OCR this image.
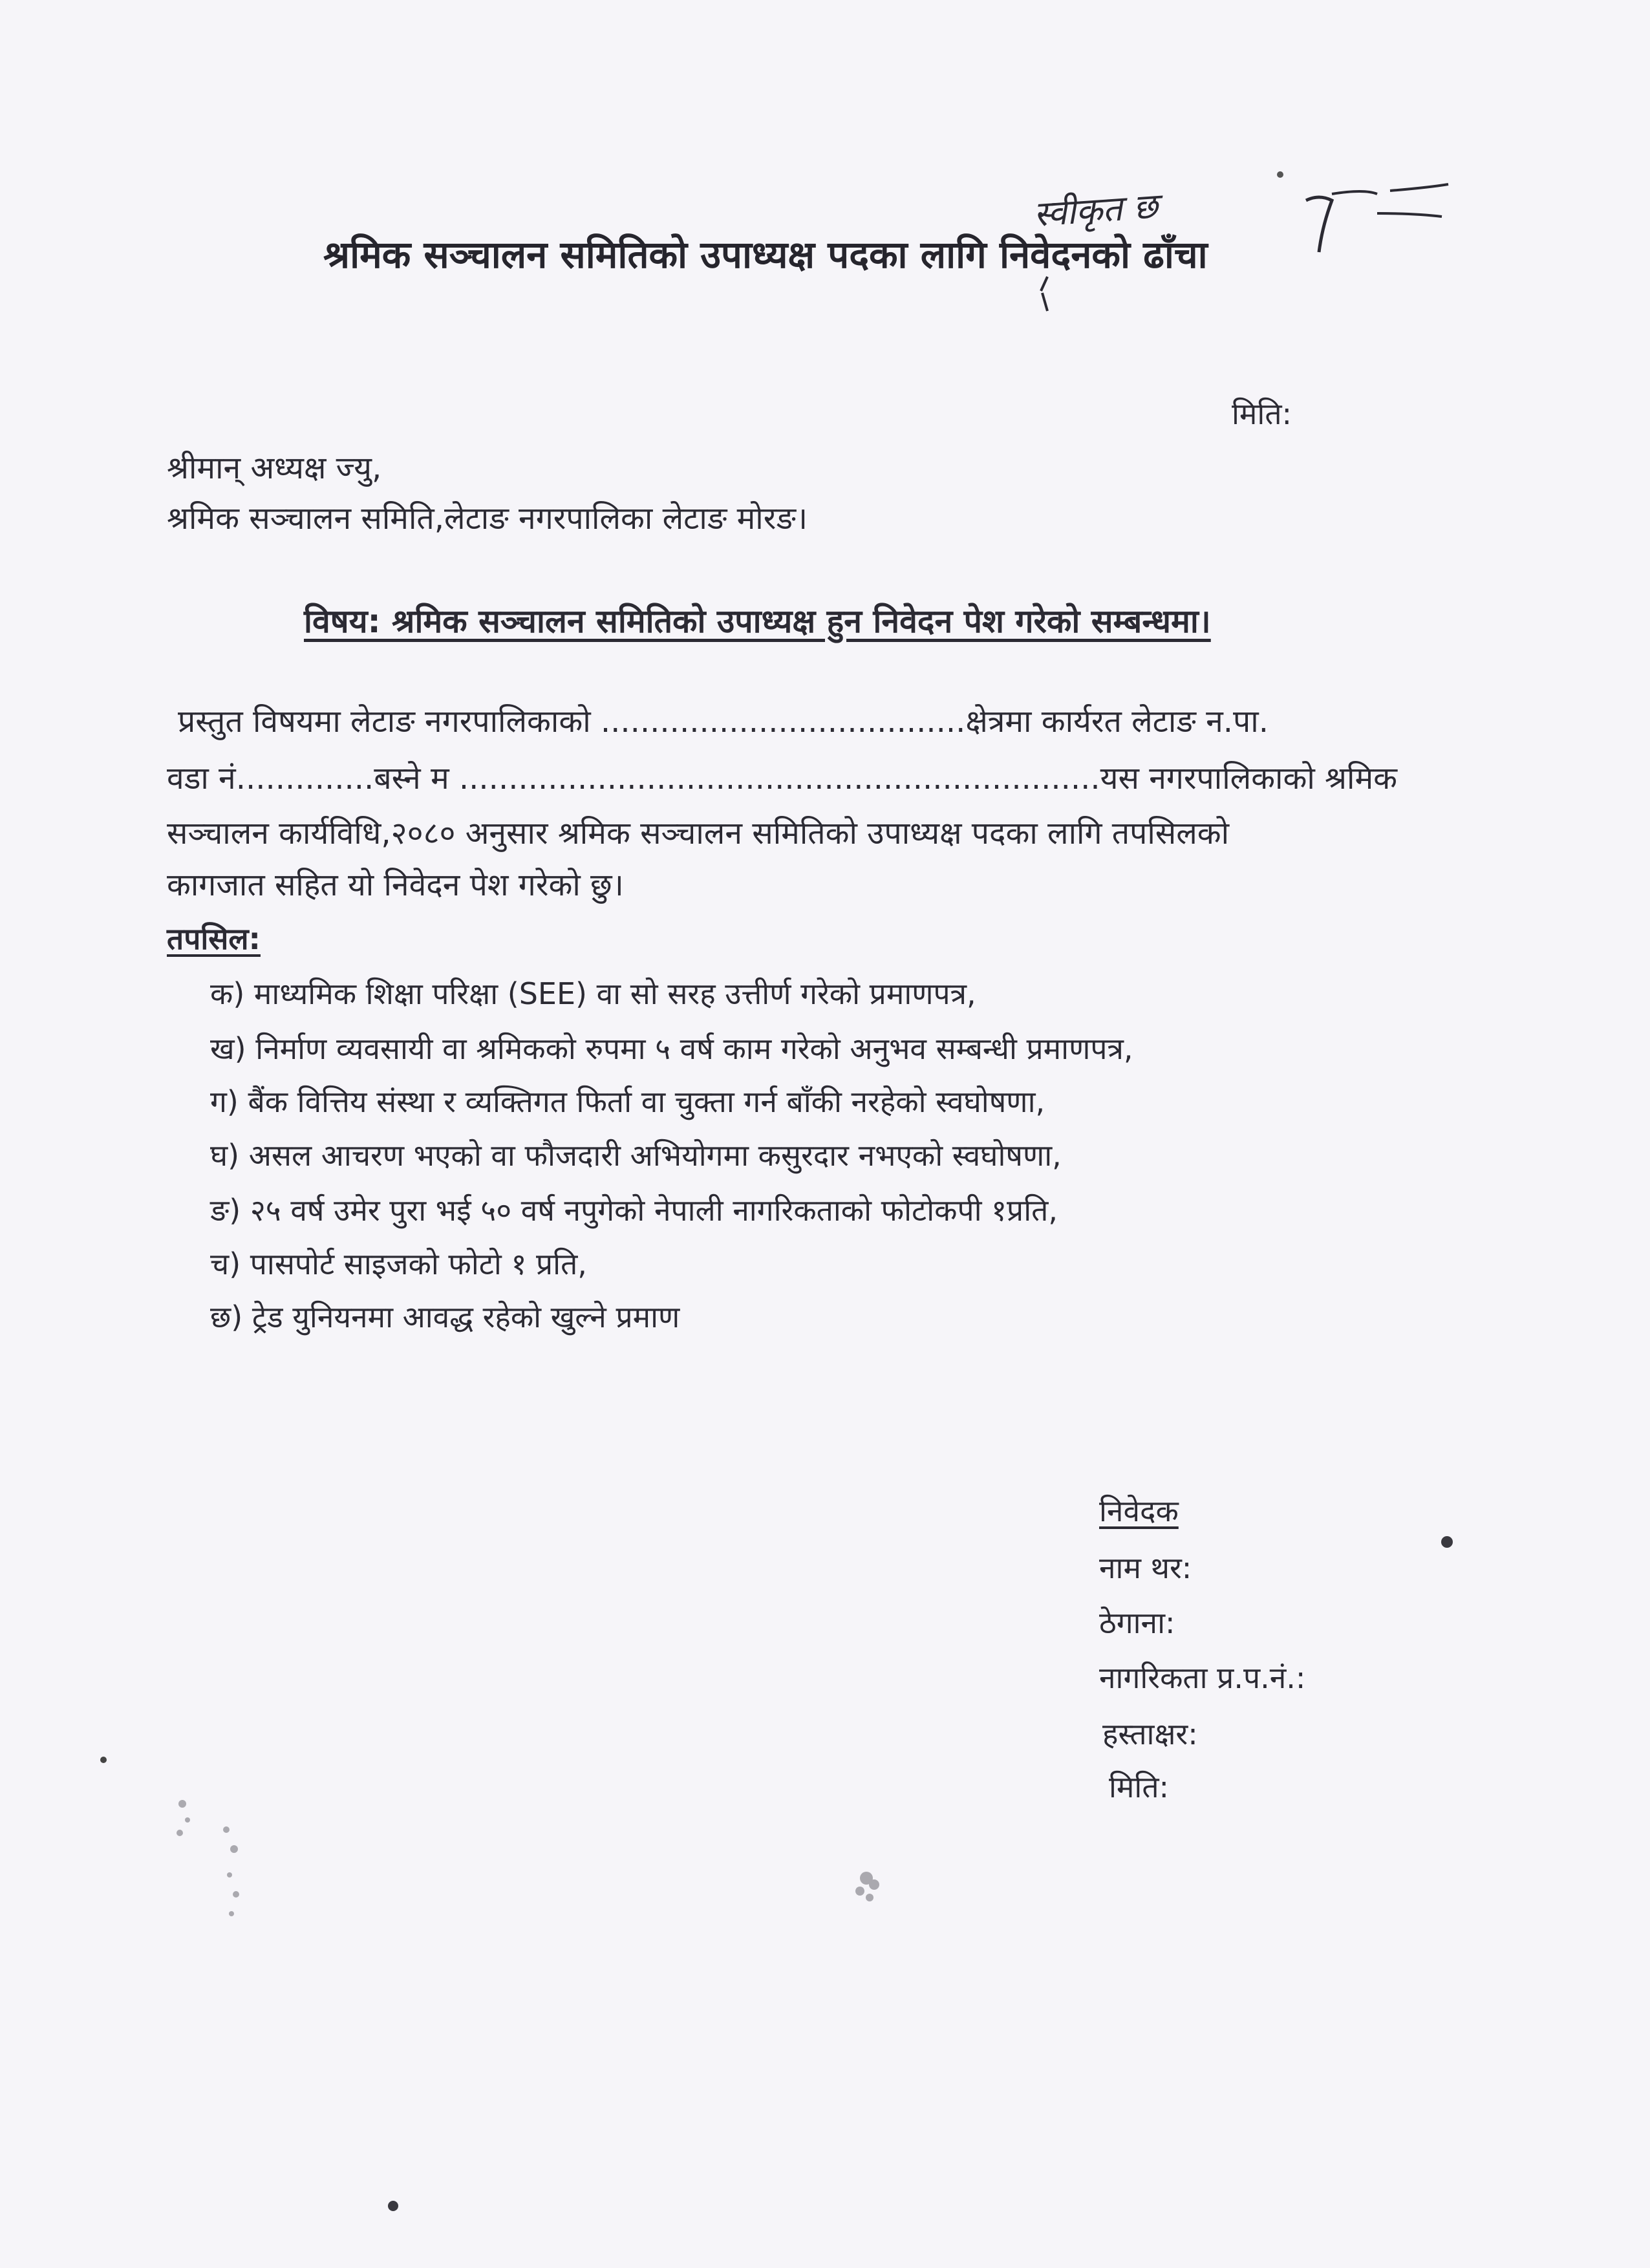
श्रमिक सञ्चालन समितिको उपाध्यक्ष पदका लागि निवेदनको ढाँचा
स्वीकृत छ
मिति:
श्रीमान् अध्यक्ष ज्यु,
श्रमिक सञ्चालन समिति,लेटाङ नगरपालिका लेटाङ मोरङ।
विषय: श्रमिक सञ्चालन समितिको उपाध्यक्ष हुन निवेदन पेश गरेको सम्बन्धमा।
प्रस्तुत विषयमा लेटाङ नगरपालिकाको .....................................क्षेत्रमा कार्यरत लेटाङ न.पा.
वडा नं..............बस्ने म .................................................................यस नगरपालिकाको श्रमिक
सञ्चालन कार्यविधि,२०८० अनुसार श्रमिक सञ्चालन समितिको उपाध्यक्ष पदका लागि तपसिलको
कागजात सहित यो निवेदन पेश गरेको छु।
तपसिल:
क) माध्यमिक शिक्षा परिक्षा (SEE) वा सो सरह उत्तीर्ण गरेको प्रमाणपत्र,
ख) निर्माण व्यवसायी वा श्रमिकको रुपमा ५ वर्ष काम गरेको अनुभव सम्बन्धी प्रमाणपत्र,
ग) बैंक वित्तिय संस्था र व्यक्तिगत फिर्ता वा चुक्ता गर्न बाँकी नरहेको स्वघोषणा,
घ) असल आचरण भएको वा फौजदारी अभियोगमा कसुरदार नभएको स्वघोषणा,
ङ) २५ वर्ष उमेर पुरा भई ५० वर्ष नपुगेको नेपाली नागरिकताको फोटोकपी १प्रति,
च) पासपोर्ट साइजको फोटो १ प्रति,
छ) ट्रेड युनियनमा आवद्ध रहेको खुल्ने प्रमाण
निवेदक
नाम थर:
ठेगाना:
नागरिकता प्र.प.नं.:
हस्ताक्षर:
मिति:
